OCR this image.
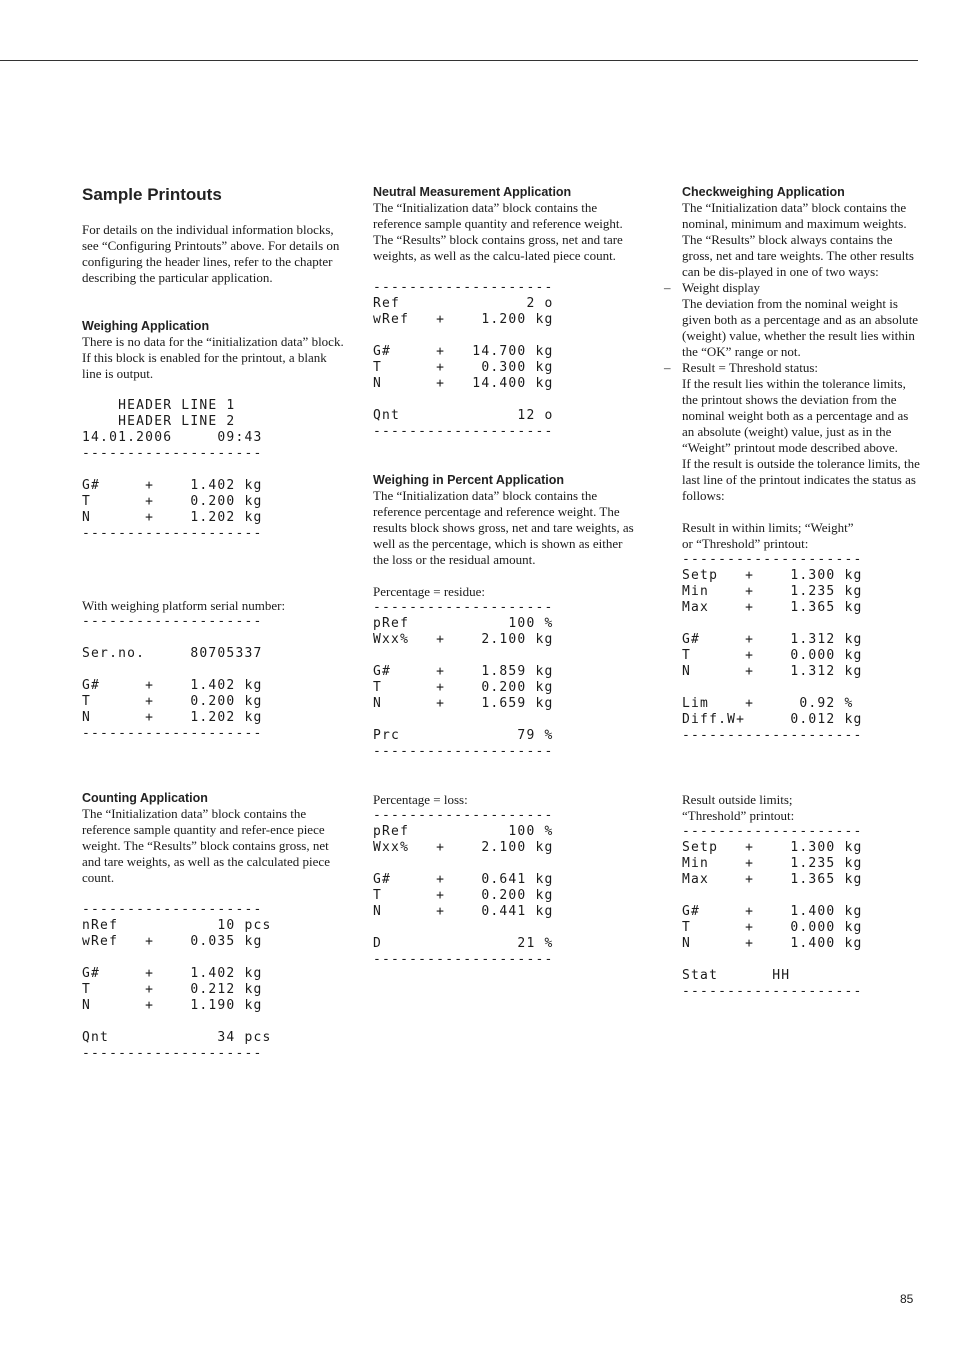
Sample Printouts

For details on the individual information blocks, see “Configuring Printouts” above. For details on configuring the header lines, refer to the chapter describing the particular application.

Weighing Application

There is no data for the “initialization data” block. If this block is enabled for the printout, a blank line is output.

HEADER LINE 1
HEADER LINE 2
14.01.2006     09:43
--------------------

G#     +    1.402 kg
T      +    0.200 kg
N      +    1.202 kg
--------------------

With weighing platform serial number:

--------------------

Ser.no.     80705337

G#     +    1.402 kg
T      +    0.200 kg
N      +    1.202 kg
--------------------
Counting Application

The “Initialization data” block contains the reference sample quantity and refer-ence piece weight. The “Results” block contains gross, net and tare weights, as well as the calculated piece count.

--------------------
nRef           10 pcs
wRef   +    0.035 kg

G#     +    1.402 kg
T      +    0.212 kg
N      +    1.190 kg

Qnt            34 pcs
--------------------
Neutral Measurement Application

The “Initialization data” block contains the reference sample quantity and reference weight. The “Results” block contains gross, net and tare weights, as well as the calcu-lated piece count.

--------------------
Ref              2 o
wRef   +    1.200 kg

G#     +   14.700 kg
T      +    0.300 kg
N      +   14.400 kg

Qnt             12 o
--------------------
Weighing in Percent Application

The “Initialization data” block contains the reference percentage and reference weight. The results block shows gross, net and tare weights, as well as the percentage, which is shown as either the loss or the residual amount.

Percentage = residue:

--------------------
pRef           100 %
Wxx%   +    2.100 kg

G#     +    1.859 kg
T      +    0.200 kg
N      +    1.659 kg

Prc             79 %
--------------------

Percentage = loss:

--------------------
pRef           100 %
Wxx%   +    2.100 kg

G#     +    0.641 kg
T      +    0.200 kg
N      +    0.441 kg

D               21 %
--------------------
Checkweighing Application

The “Initialization data” block contains the nominal, minimum and maximum weights. The “Results” block always contains the gross, net and tare weights. The other results can be dis-played in one of two ways:

– Weight display
The deviation from the nominal weight is given both as a percentage and as an absolute (weight) value, whether the result lies within the “OK” range or not.
– Result = Threshold status:
If the result lies within the tolerance limits, the printout shows the deviation from the nominal weight both as a percentage and as an absolute (weight) value, just as in the “Weight” printout mode described above.
If the result is outside the tolerance limits, the last line of the printout indicates the status as follows:

Result in within limits; “Weight”
or “Threshold” printout:

--------------------
Setp   +    1.300 kg
Min    +    1.235 kg
Max    +    1.365 kg

G#     +    1.312 kg
T      +    0.000 kg
N      +    1.312 kg

Lim    +     0.92 %
Diff.W+     0.012 kg
--------------------

Result outside limits;
“Threshold” printout:

--------------------
Setp   +    1.300 kg
Min    +    1.235 kg
Max    +    1.365 kg

G#     +    1.400 kg
T      +    0.000 kg
N      +    1.400 kg

Stat      HH
--------------------
85
